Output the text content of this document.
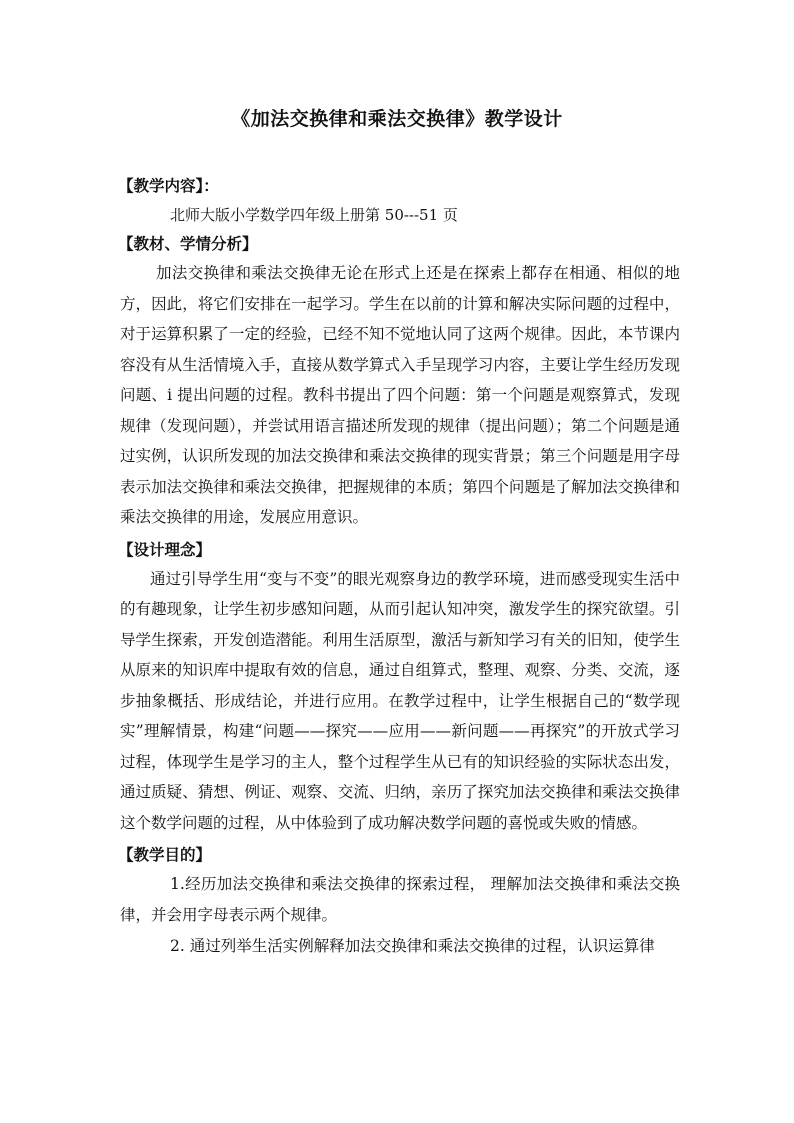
《加法交换律和乘法交换律》教学设计
【教学内容】：
北师大版小学数学四年级上册第 50---51 页
【教材、学情分析】

加法交换律和乘法交换律无论在形式上还是在探索上都存在相通、相似的地方，因此，将它们安排在一起学习。学生在以前的计算和解决实际问题的过程中，对于运算积累了一定的经验，已经不知不觉地认同了这两个规律。因此，本节课内容没有从生活情境入手，直接从数学算式入手呈现学习内容，主要让学生经历发现问题、i 提出问题的过程。教科书提出了四个问题：第一个问题是观察算式，发现规律（发现问题），并尝试用语言描述所发现的规律（提出问题）；第二个问题是通过实例，认识所发现的加法交换律和乘法交换律的现实背景；第三个问题是用字母表示加法交换律和乘法交换律，把握规律的本质；第四个问题是了解加法交换律和乘法交换律的用途，发展应用意识。

【设计理念】

通过引导学生用“变与不变”的眼光观察身边的教学环境，进而感受现实生活中的有趣现象，让学生初步感知问题，从而引起认知冲突，激发学生的探究欲望。引导学生探索，开发创造潜能。利用生活原型，激活与新知学习有关的旧知，使学生从原来的知识库中提取有效的信息，通过自组算式，整理、观察、分类、交流，逐步抽象概括、形成结论，并进行应用。在教学过程中，让学生根据自己的“数学现实”理解情景，构建“问题——探究——应用——新问题——再探究”的开放式学习过程，体现学生是学习的主人，整个过程学生从已有的知识经验的实际状态出发，通过质疑、猜想、例证、观察、交流、归纳，亲历了探究加法交换律和乘法交换律这个数学问题的过程，从中体验到了成功解决数学问题的喜悦或失败的情感。

【教学目的】

1.经历加法交换律和乘法交换律的探索过程， 理解加法交换律和乘法交换律，并会用字母表示两个规律。

2. 通过列举生活实例解释加法交换律和乘法交换律的过程，认识运算律
